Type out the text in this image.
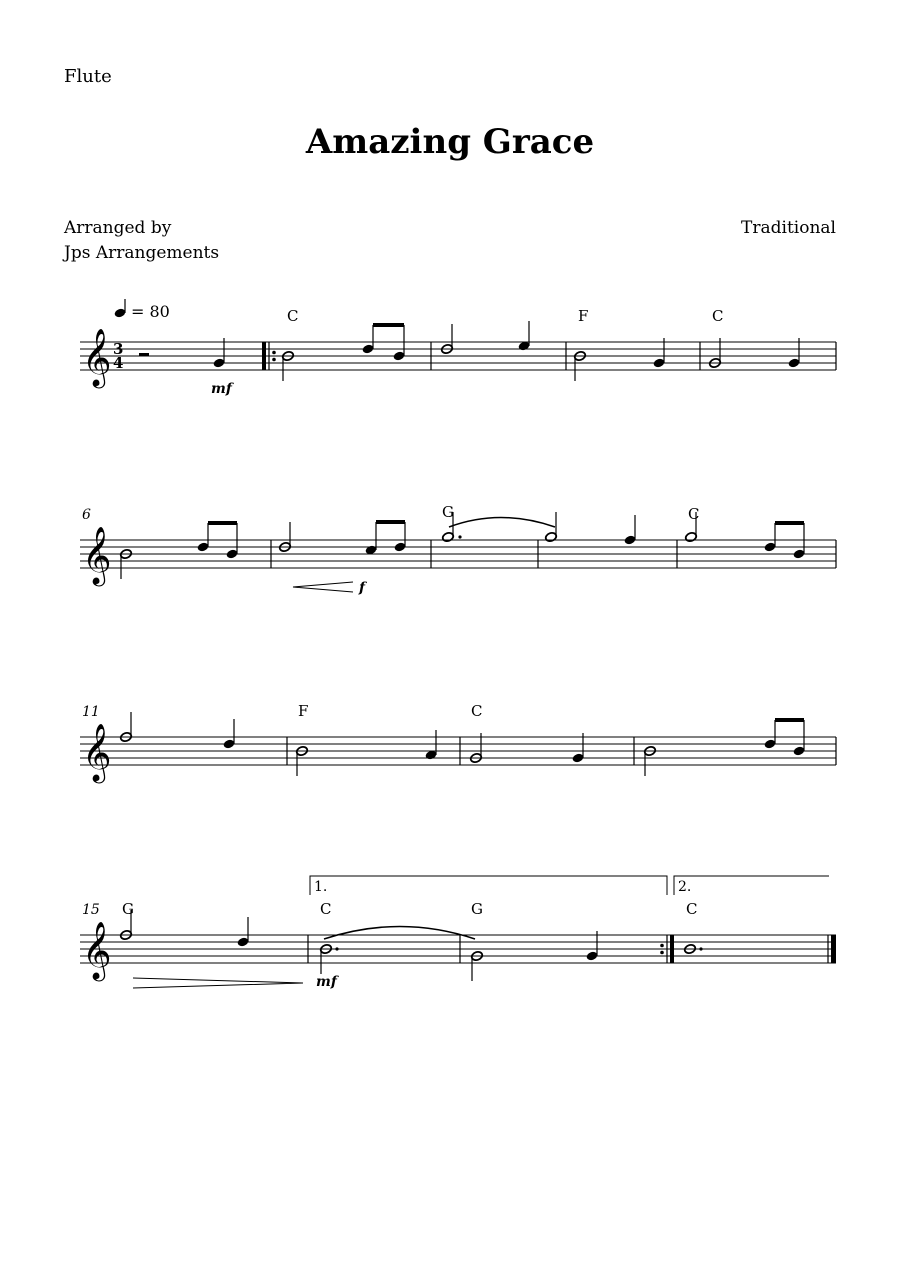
Flute
Amazing Grace
Arranged by
Jps Arrangements
Traditional
𝄞 3
4
= 80
mf
C	F	C
6
𝄞
f
G	C
11
𝄞
F	C
15
𝄞
1.	2.
G	C
mf
G	C
